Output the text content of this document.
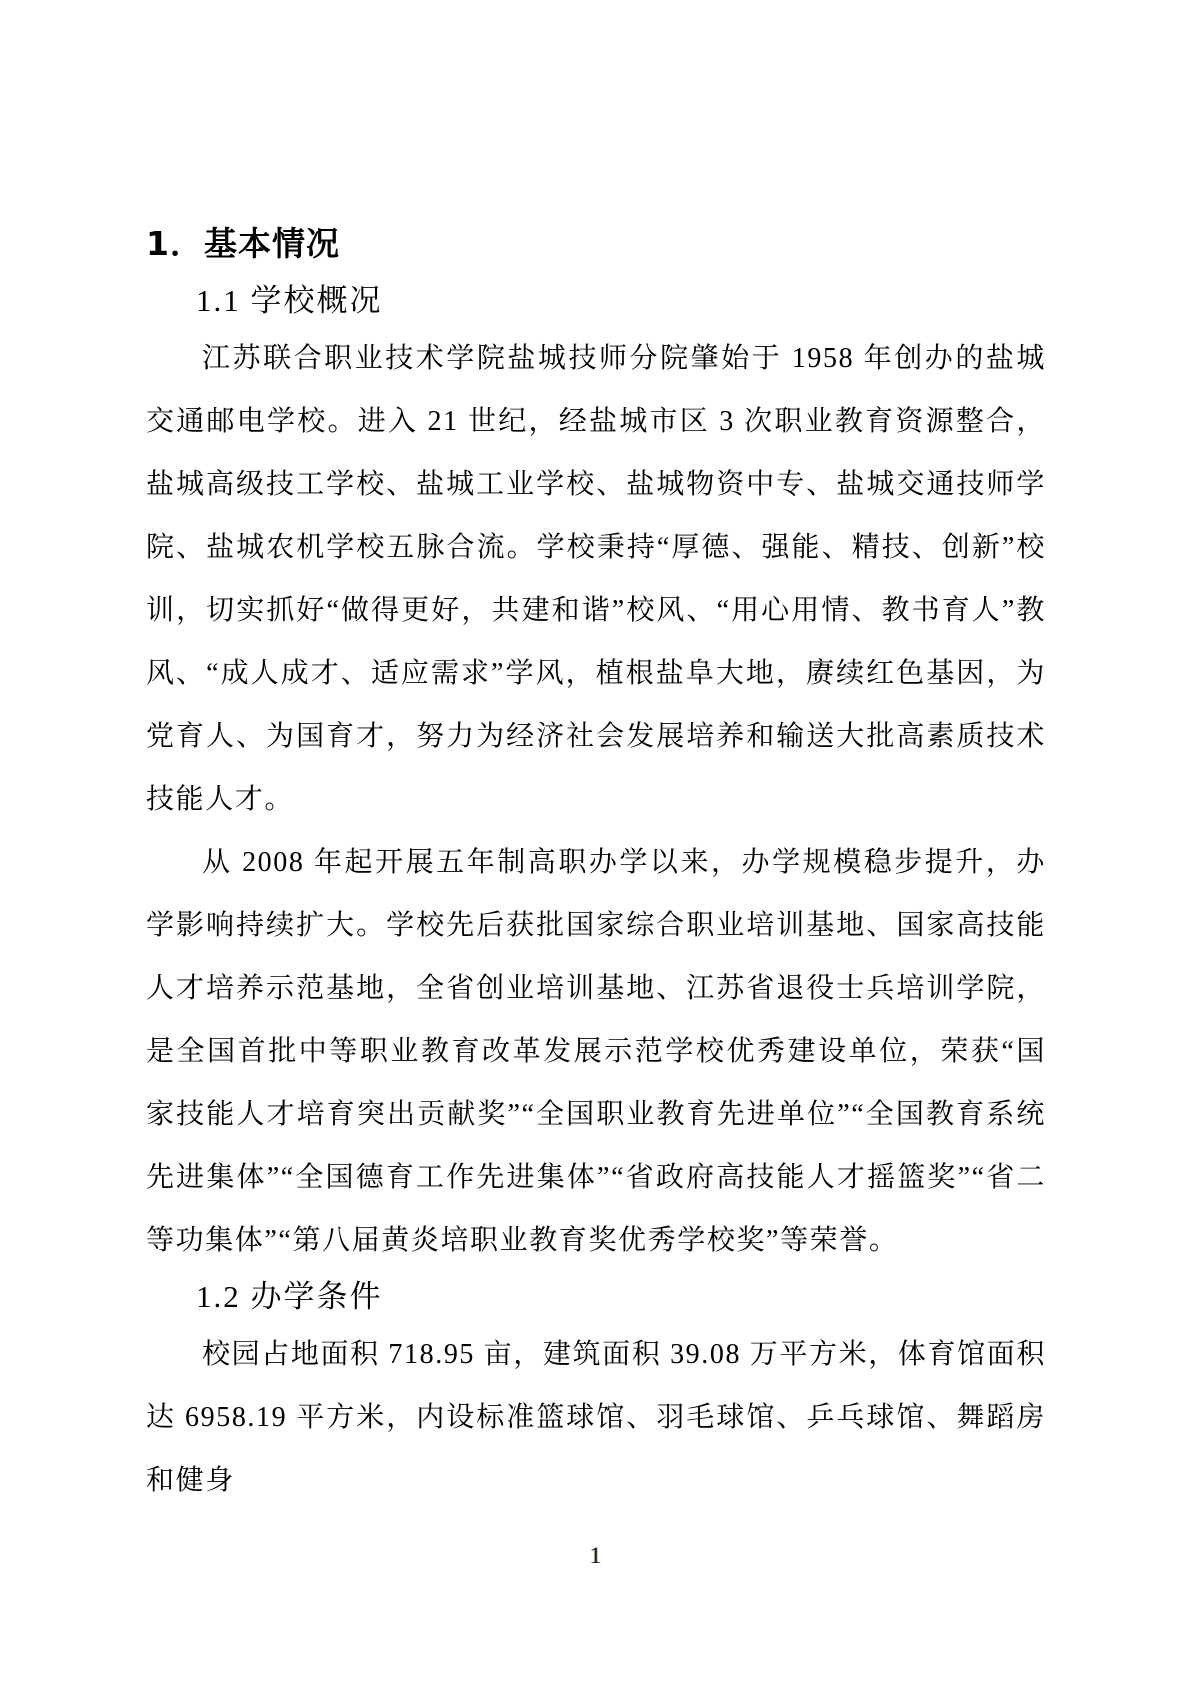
1．基本情况
1.1 学校概况

江苏联合职业技术学院盐城技师分院肇始于 1958 年创办的盐城交通邮电学校。进入 21 世纪，经盐城市区 3 次职业教育资源整合，盐城高级技工学校、盐城工业学校、盐城物资中专、盐城交通技师学院、盐城农机学校五脉合流。学校秉持“厚德、强能、精技、创新”校训，切实抓好“做得更好，共建和谐”校风、“用心用情、教书育人”教风、“成人成才、适应需求”学风，植根盐阜大地，赓续红色基因，为党育人、为国育才，努力为经济社会发展培养和输送大批高素质技术技能人才。

从 2008 年起开展五年制高职办学以来，办学规模稳步提升，办学影响持续扩大。学校先后获批国家综合职业培训基地、国家高技能人才培养示范基地，全省创业培训基地、江苏省退役士兵培训学院，是全国首批中等职业教育改革发展示范学校优秀建设单位，荣获“国家技能人才培育突出贡献奖”“全国职业教育先进单位”“全国教育系统先进集体”“全国德育工作先进集体”“省政府高技能人才摇篮奖”“省二等功集体”“第八届黄炎培职业教育奖优秀学校奖”等荣誉。

1.2 办学条件

校园占地面积 718.95 亩，建筑面积 39.08 万平方米，体育馆面积达 6958.19 平方米，内设标准篮球馆、羽毛球馆、乒乓球馆、舞蹈房和健身

1
